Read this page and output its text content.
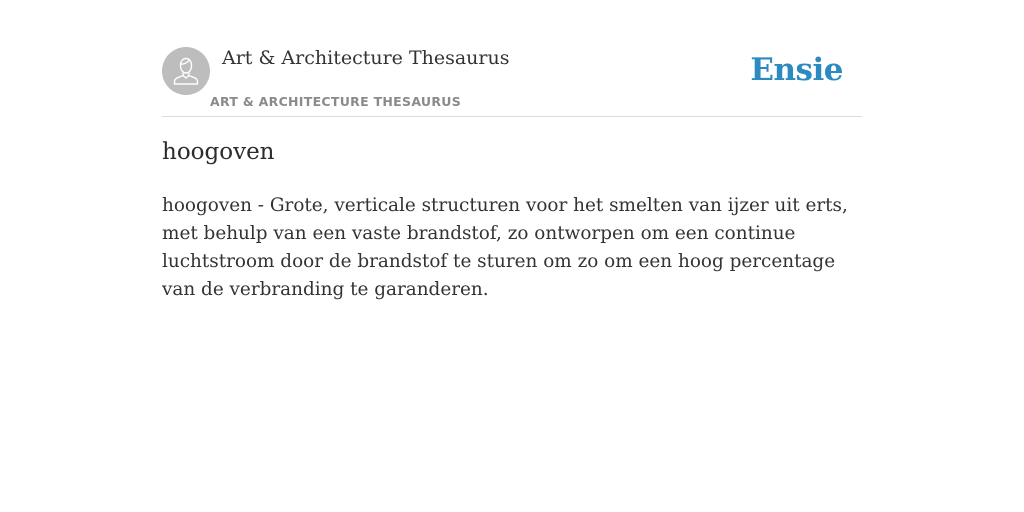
Art & Architecture Thesaurus
ART & ARCHITECTURE THESAURUS
Ensie
hoogoven

hoogoven - Grote, verticale structuren voor het smelten van ijzer uit erts, met behulp van een vaste brandstof, zo ontworpen om een continue luchtstroom door de brandstof te sturen om zo om een hoog percentage van de verbranding te garanderen.
